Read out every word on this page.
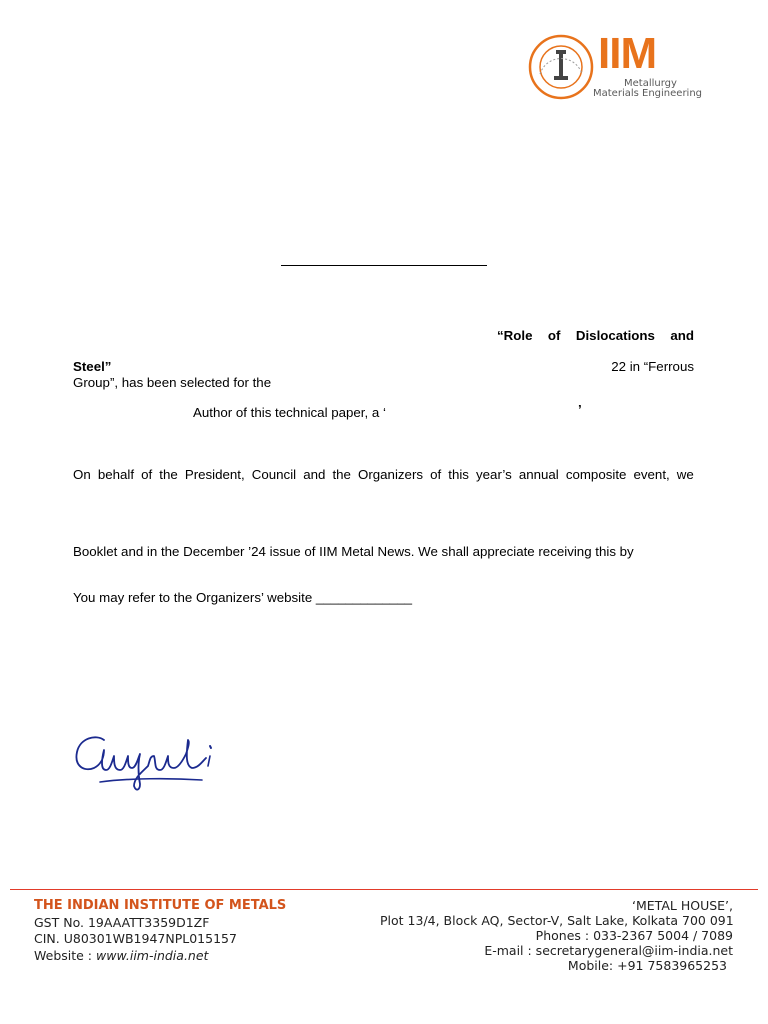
IIM
Metallurgy
Materials Engineering
“Role of Dislocations and
Steel”	22 in “Ferrous
Group”, has been selected for the
Author of this technical paper, a ‘	’
On behalf of the President, Council and the Organizers of this year’s annual composite event, we
Booklet and in the December ’24 issue of IIM Metal News. We shall appreciate receiving this by
You may refer to the Organizers’ website _____________
THE INDIAN INSTITUTE OF METALS
GST No. 19AAATT3359D1ZF
CIN. U80301WB1947NPL015157
Website : www.iim-india.net
‘METAL HOUSE’,
Plot 13/4, Block AQ, Sector-V, Salt Lake, Kolkata 700 091
Phones : 033-2367 5004 / 7089
E-mail : secretarygeneral@iim-india.net
Mobile: +91 7583965253
